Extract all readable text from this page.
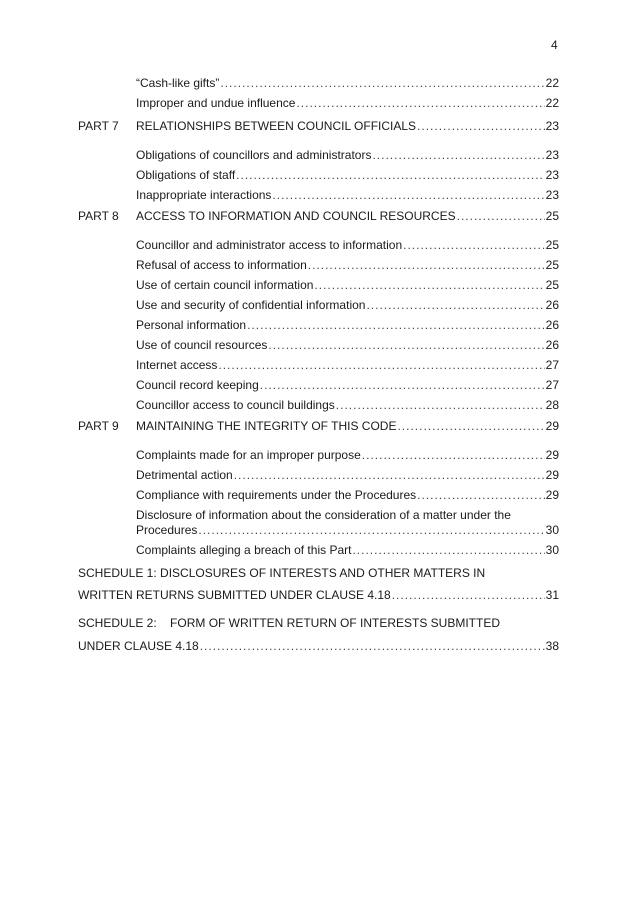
4
“Cash-like gifts” .....	22
Improper and undue influence .....	22
PART 7 RELATIONSHIPS BETWEEN COUNCIL OFFICIALS .....	23
Obligations of councillors and administrators .....	23
Obligations of staff .....	23
Inappropriate interactions .....	23
PART 8 ACCESS TO INFORMATION AND COUNCIL RESOURCES .....	25
Councillor and administrator access to information .....	25
Refusal of access to information .....	25
Use of certain council information .....	25
Use and security of confidential information .....	26
Personal information .....	26
Use of council resources .....	26
Internet access .....	27
Council record keeping .....	27
Councillor access to council buildings .....	28
PART 9 MAINTAINING THE INTEGRITY OF THIS CODE .....	29
Complaints made for an improper purpose .....	29
Detrimental action .....	29
Compliance with requirements under the Procedures .....	29
Disclosure of information about the consideration of a matter under the
Procedures .....	30
Complaints alleging a breach of this Part .....	30
SCHEDULE 1: DISCLOSURES OF INTERESTS AND OTHER MATTERS IN
WRITTEN RETURNS SUBMITTED UNDER CLAUSE 4.18 .....	31
SCHEDULE 2:    FORM OF WRITTEN RETURN OF INTERESTS SUBMITTED
UNDER CLAUSE 4.18 .....	38
